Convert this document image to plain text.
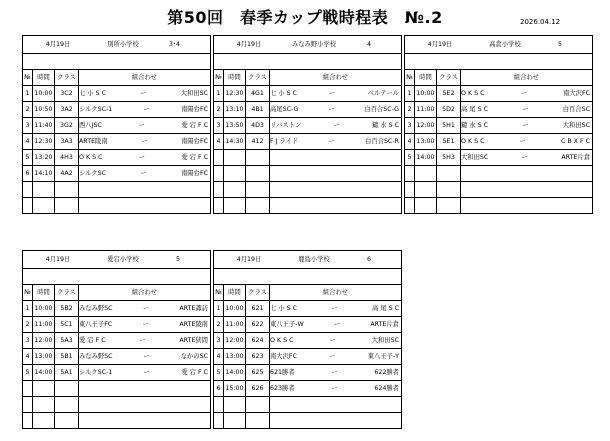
第50回　春季カップ戦時程表　№.2	2026.04.12
4月19日 別所小学校 3･4			

№	時間	クラス	組合わせ
1	10:00	3C2	七 小 S C ー 大和田SC

2	10:50	3A2	シルクSC-1 ー 南陽台FC

3	11:40	3G2	西八JSC ー 愛 宕 F C

4	12:30	3A3	ARTE陵南 ー 南陽台FC

5	13:20	4H3	O K S C ー 愛 宕 F C

6	14:10	4A2	シルクSC ー 南陽台FC

4月19日 みなみ野小学校 4			

№	時間	クラス	組合わせ
1	12:30	4G1	七 小 S C ー ベルテール

2	13:10	4B1	高尾SC-G ー 白百合SC-G

3	13:50	4D3	リバストン ー 鑓 水 S C

4	14:30	412	F J ライド ー 白百合SC-R

4月19日 高倉小学校 5			

№	時間	クラス	組合わせ
1	10:00	5E2	O K S C ー 南大沢FC

2	11:00	5D2	高 尾 S C ー 白百合SC

3	12:00	5H1	鑓 水 S C ー 大和田SC

4	13:00	5E1	O K S C ー C B X F C

5	14:00	5H3	大和田SC ー ARTE片倉

4月19日 愛宕小学校 5			

№	時間	クラス	組合わせ
1	10:00	5B2	みなみ野SC ー ARTE諏訪

2	11:00	5C1	東八王子FC ー ARTE陵南

3	12:00	5A3	愛 宕 F C ー ARTE狭間

4	13:00	5B1	みなみ野SC ー なかのSC

5	14:00	5A1	シルクSC-1 ー 愛 宕 F C

4月19日 鹿島小学校 6			

№	時間	クラス	組合わせ
1	10:00	621	七 小 S C ー 高 尾 S C

2	11:00	622	東八王子-W ー ARTE片倉

3	12:00	624	O K S C ー 大和田SC

4	13:00	623	南大沢FC ー 東八王子-Y

5	14:00	625	621勝者 ー 622勝者

6	15:00	626	623勝者 ー 624勝者
